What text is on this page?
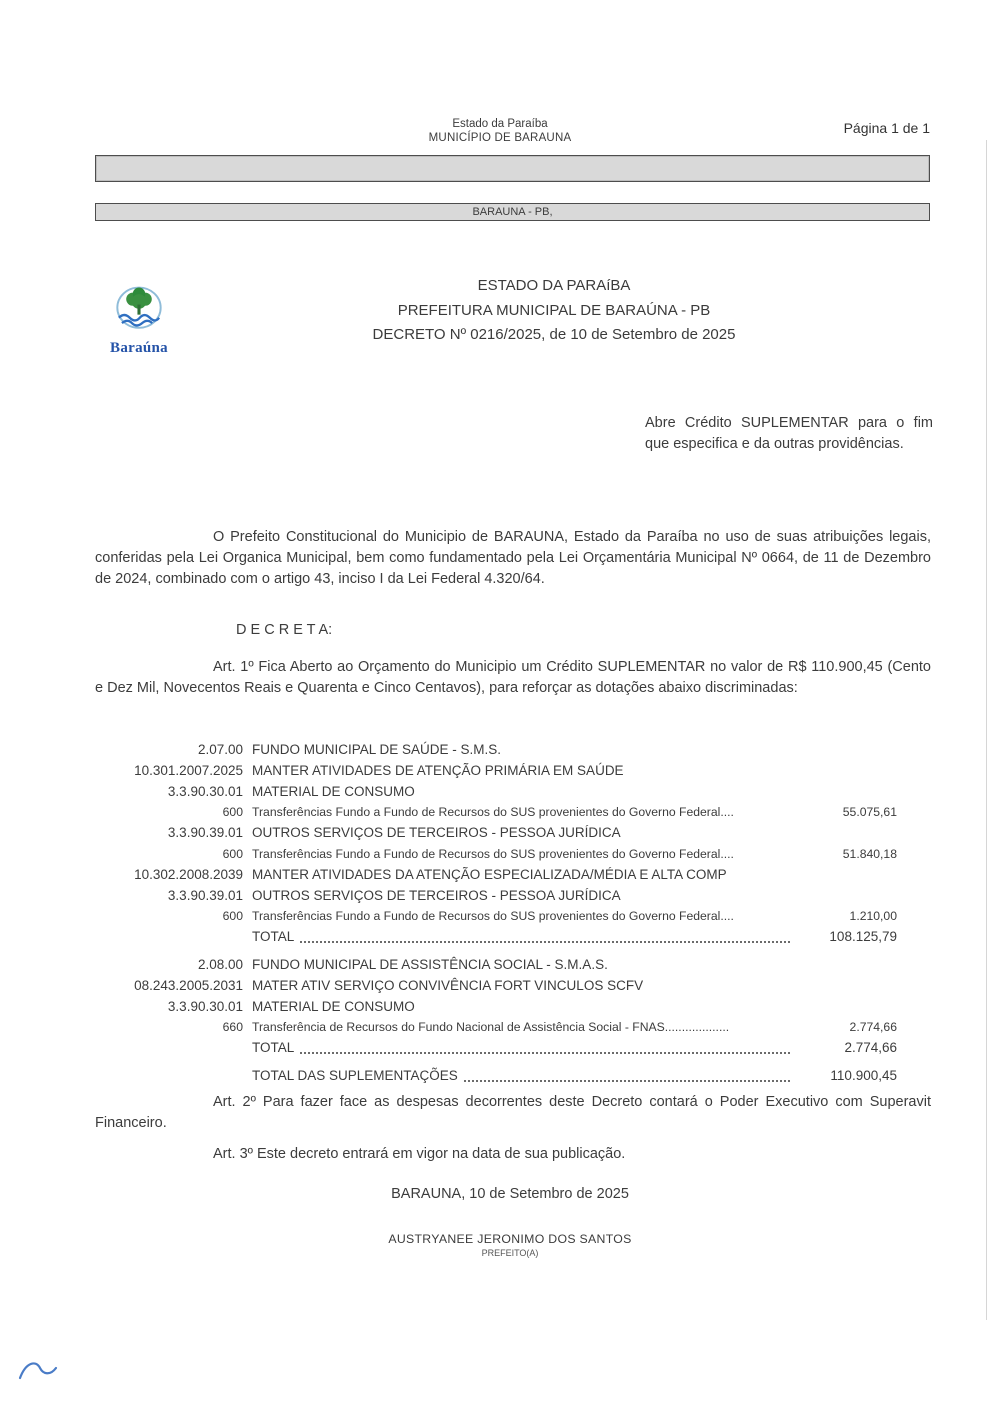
Estado da Paraíba
MUNICÍPIO DE BARAUNA
Página 1 de 1
BARAUNA - PB,
Baraúna
ESTADO DA PARAíBA
PREFEITURA MUNICIPAL DE BARAÚNA - PB
DECRETO Nº 0216/2025, de 10 de Setembro de 2025
Abre Crédito SUPLEMENTAR para o fim que especifica e da outras providências.
O Prefeito Constitucional do Municipio de BARAUNA, Estado da Paraíba no uso de suas atribuições legais, conferidas pela Lei Organica Municipal, bem como fundamentado pela Lei Orçamentária Municipal Nº 0664, de 11 de Dezembro de 2024, combinado com o artigo 43, inciso I da Lei Federal 4.320/64.
D E C R E T A:
Art. 1º Fica Aberto ao Orçamento do Municipio um Crédito SUPLEMENTAR no valor de R$ 110.900,45 (Cento e Dez Mil, Novecentos Reais e Quarenta e Cinco Centavos), para reforçar as dotações abaixo discriminadas:
2.07.00 FUNDO MUNICIPAL DE SAÚDE - S.M.S.
10.301.2007.2025 MANTER ATIVIDADES DE ATENÇÃO PRIMÁRIA EM SAÚDE
3.3.90.30.01 MATERIAL DE CONSUMO
600 Transferências Fundo a Fundo de Recursos do SUS provenientes do Governo Federal....	55.075,61
3.3.90.39.01 OUTROS SERVIÇOS DE TERCEIROS - PESSOA JURÍDICA
600 Transferências Fundo a Fundo de Recursos do SUS provenientes do Governo Federal....	51.840,18
10.302.2008.2039 MANTER ATIVIDADES DA ATENÇÃO ESPECIALIZADA/MÉDIA E ALTA COMP
3.3.90.39.01 OUTROS SERVIÇOS DE TERCEIROS - PESSOA JURÍDICA
600 Transferências Fundo a Fundo de Recursos do SUS provenientes do Governo Federal....	1.210,00
TOTAL	108.125,79
2.08.00 FUNDO MUNICIPAL DE ASSISTÊNCIA SOCIAL - S.M.A.S.
08.243.2005.2031 MATER ATIV SERVIÇO CONVIVÊNCIA FORT VINCULOS SCFV
3.3.90.30.01 MATERIAL DE CONSUMO
660 Transferência de Recursos do Fundo Nacional de Assistência Social - FNAS...................	2.774,66
TOTAL	2.774,66
TOTAL DAS SUPLEMENTAÇÕES	110.900,45
Art. 2º Para fazer face as despesas decorrentes deste Decreto contará o Poder Executivo com Superavit Financeiro.
Art. 3º Este decreto entrará em vigor na data de sua publicação.
BARAUNA, 10 de Setembro de 2025
AUSTRYANEE JERONIMO DOS SANTOS
PREFEITO(A)
